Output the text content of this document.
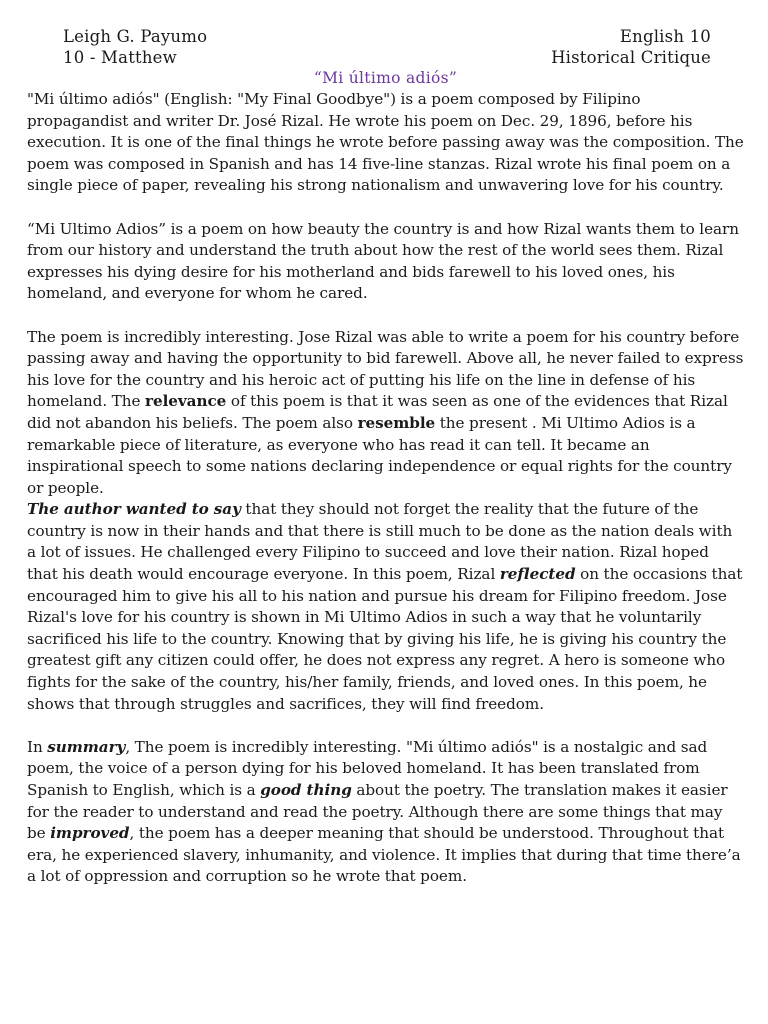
Leigh G. Payumo
10 - Matthew
English 10
Historical Critique
“Mi último adiós”

"Mi último adiós" (English: "My Final Goodbye") is a poem composed by Filipino propagandist and writer Dr. José Rizal. He wrote his poem on Dec. 29, 1896, before his execution. It is one of the final things he wrote before passing away was the composition. The poem was composed in Spanish and has 14 five-line stanzas. Rizal wrote his final poem on a single piece of paper, revealing his strong nationalism and unwavering love for his country.

“Mi Ultimo Adios” is a poem on how beauty the country is and how Rizal wants them to learn from our history and understand the truth about how the rest of the world sees them. Rizal expresses his dying desire for his motherland and bids farewell to his loved ones, his homeland, and everyone for whom he cared.

The poem is incredibly interesting. Jose Rizal was able to write a poem for his country before passing away and having the opportunity to bid farewell. Above all, he never failed to express his love for the country and his heroic act of putting his life on the line in defense of his homeland. The relevance of this poem is that it was seen as one of the evidences that Rizal did not abandon his beliefs. The poem also resemble the present . Mi Ultimo Adios is a remarkable piece of literature, as everyone who has read it can tell. It became an inspirational speech to some nations declaring independence or equal rights for the country or people.

The author wanted to say that they should not forget the reality that the future of the country is now in their hands and that there is still much to be done as the nation deals with a lot of issues. He challenged every Filipino to succeed and love their nation. Rizal hoped that his death would encourage everyone. In this poem, Rizal reflected on the occasions that encouraged him to give his all to his nation and pursue his dream for Filipino freedom. Jose Rizal's love for his country is shown in Mi Ultimo Adios in such a way that he voluntarily sacrificed his life to the country. Knowing that by giving his life, he is giving his country the greatest gift any citizen could offer, he does not express any regret. A hero is someone who fights for the sake of the country, his/her family, friends, and loved ones. In this poem, he shows that through struggles and sacrifices, they will find freedom.

In summary, The poem is incredibly interesting. "Mi último adiós" is a nostalgic and sad poem, the voice of a person dying for his beloved homeland. It has been translated from Spanish to English, which is a good thing about the poetry. The translation makes it easier for the reader to understand and read the poetry. Although there are some things that may be improved, the poem has a deeper meaning that should be understood. Throughout that era, he experienced slavery, inhumanity, and violence. It implies that during that time there’a a lot of oppression and corruption so he wrote that poem.
